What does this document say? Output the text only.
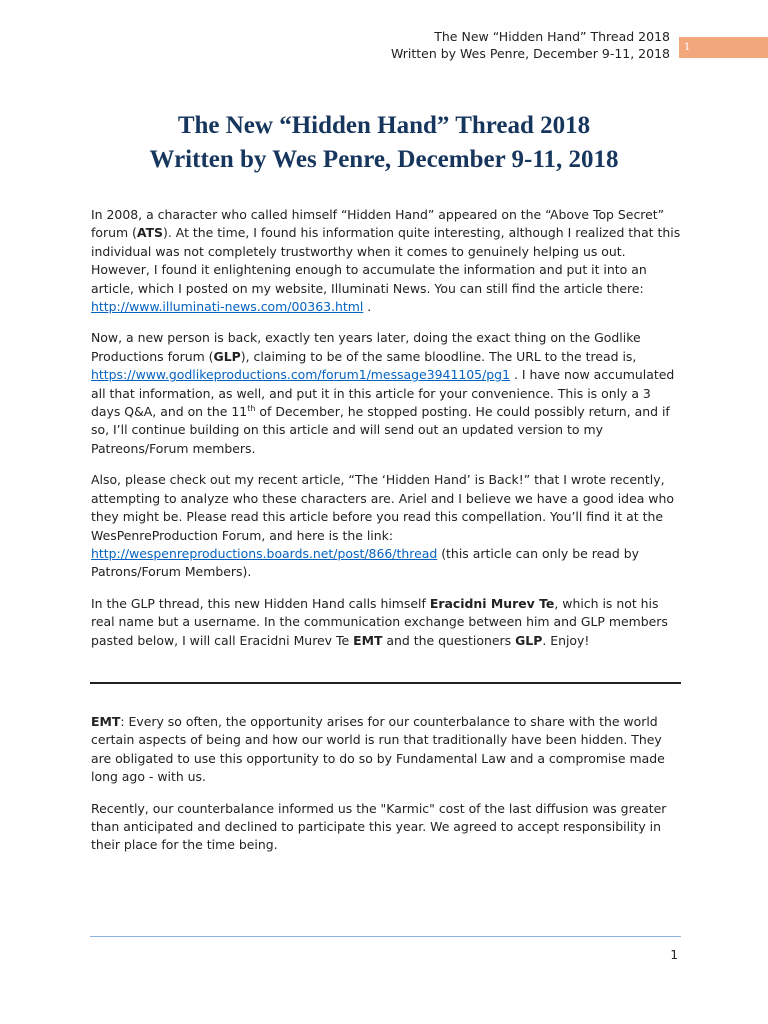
The New “Hidden Hand” Thread 2018
Written by Wes Penre, December 9-11, 2018	1
The New “Hidden Hand” Thread 2018
Written by Wes Penre, December 9-11, 2018

In 2008, a character who called himself “Hidden Hand” appeared on the “Above Top Secret” forum (ATS). At the time, I found his information quite interesting, although I realized that this individual was not completely trustworthy when it comes to genuinely helping us out. However, I found it enlightening enough to accumulate the information and put it into an article, which I posted on my website, Illuminati News. You can still find the article there: http://www.illuminati-news.com/00363.html .

Now, a new person is back, exactly ten years later, doing the exact thing on the Godlike Productions forum (GLP), claiming to be of the same bloodline. The URL to the tread is, https://www.godlikeproductions.com/forum1/message3941105/pg1 . I have now accumulated all that information, as well, and put it in this article for your convenience. This is only a 3 days Q&A, and on the 11th of December, he stopped posting. He could possibly return, and if so, I’ll continue building on this article and will send out an updated version to my Patreons/Forum members.

Also, please check out my recent article, “The ‘Hidden Hand’ is Back!” that I wrote recently, attempting to analyze who these characters are. Ariel and I believe we have a good idea who they might be. Please read this article before you read this compellation. You’ll find it at the WesPenreProduction Forum, and here is the link: http://wespenreproductions.boards.net/post/866/thread (this article can only be read by Patrons/Forum Members).

In the GLP thread, this new Hidden Hand calls himself Eracidni Murev Te, which is not his real name but a username. In the communication exchange between him and GLP members pasted below, I will call Eracidni Murev Te EMT and the questioners GLP. Enjoy!

EMT: Every so often, the opportunity arises for our counterbalance to share with the world certain aspects of being and how our world is run that traditionally have been hidden. They are obligated to use this opportunity to do so by Fundamental Law and a compromise made long ago - with us.

Recently, our counterbalance informed us the "Karmic" cost of the last diffusion was greater than anticipated and declined to participate this year. We agreed to accept responsibility in their place for the time being.

1
